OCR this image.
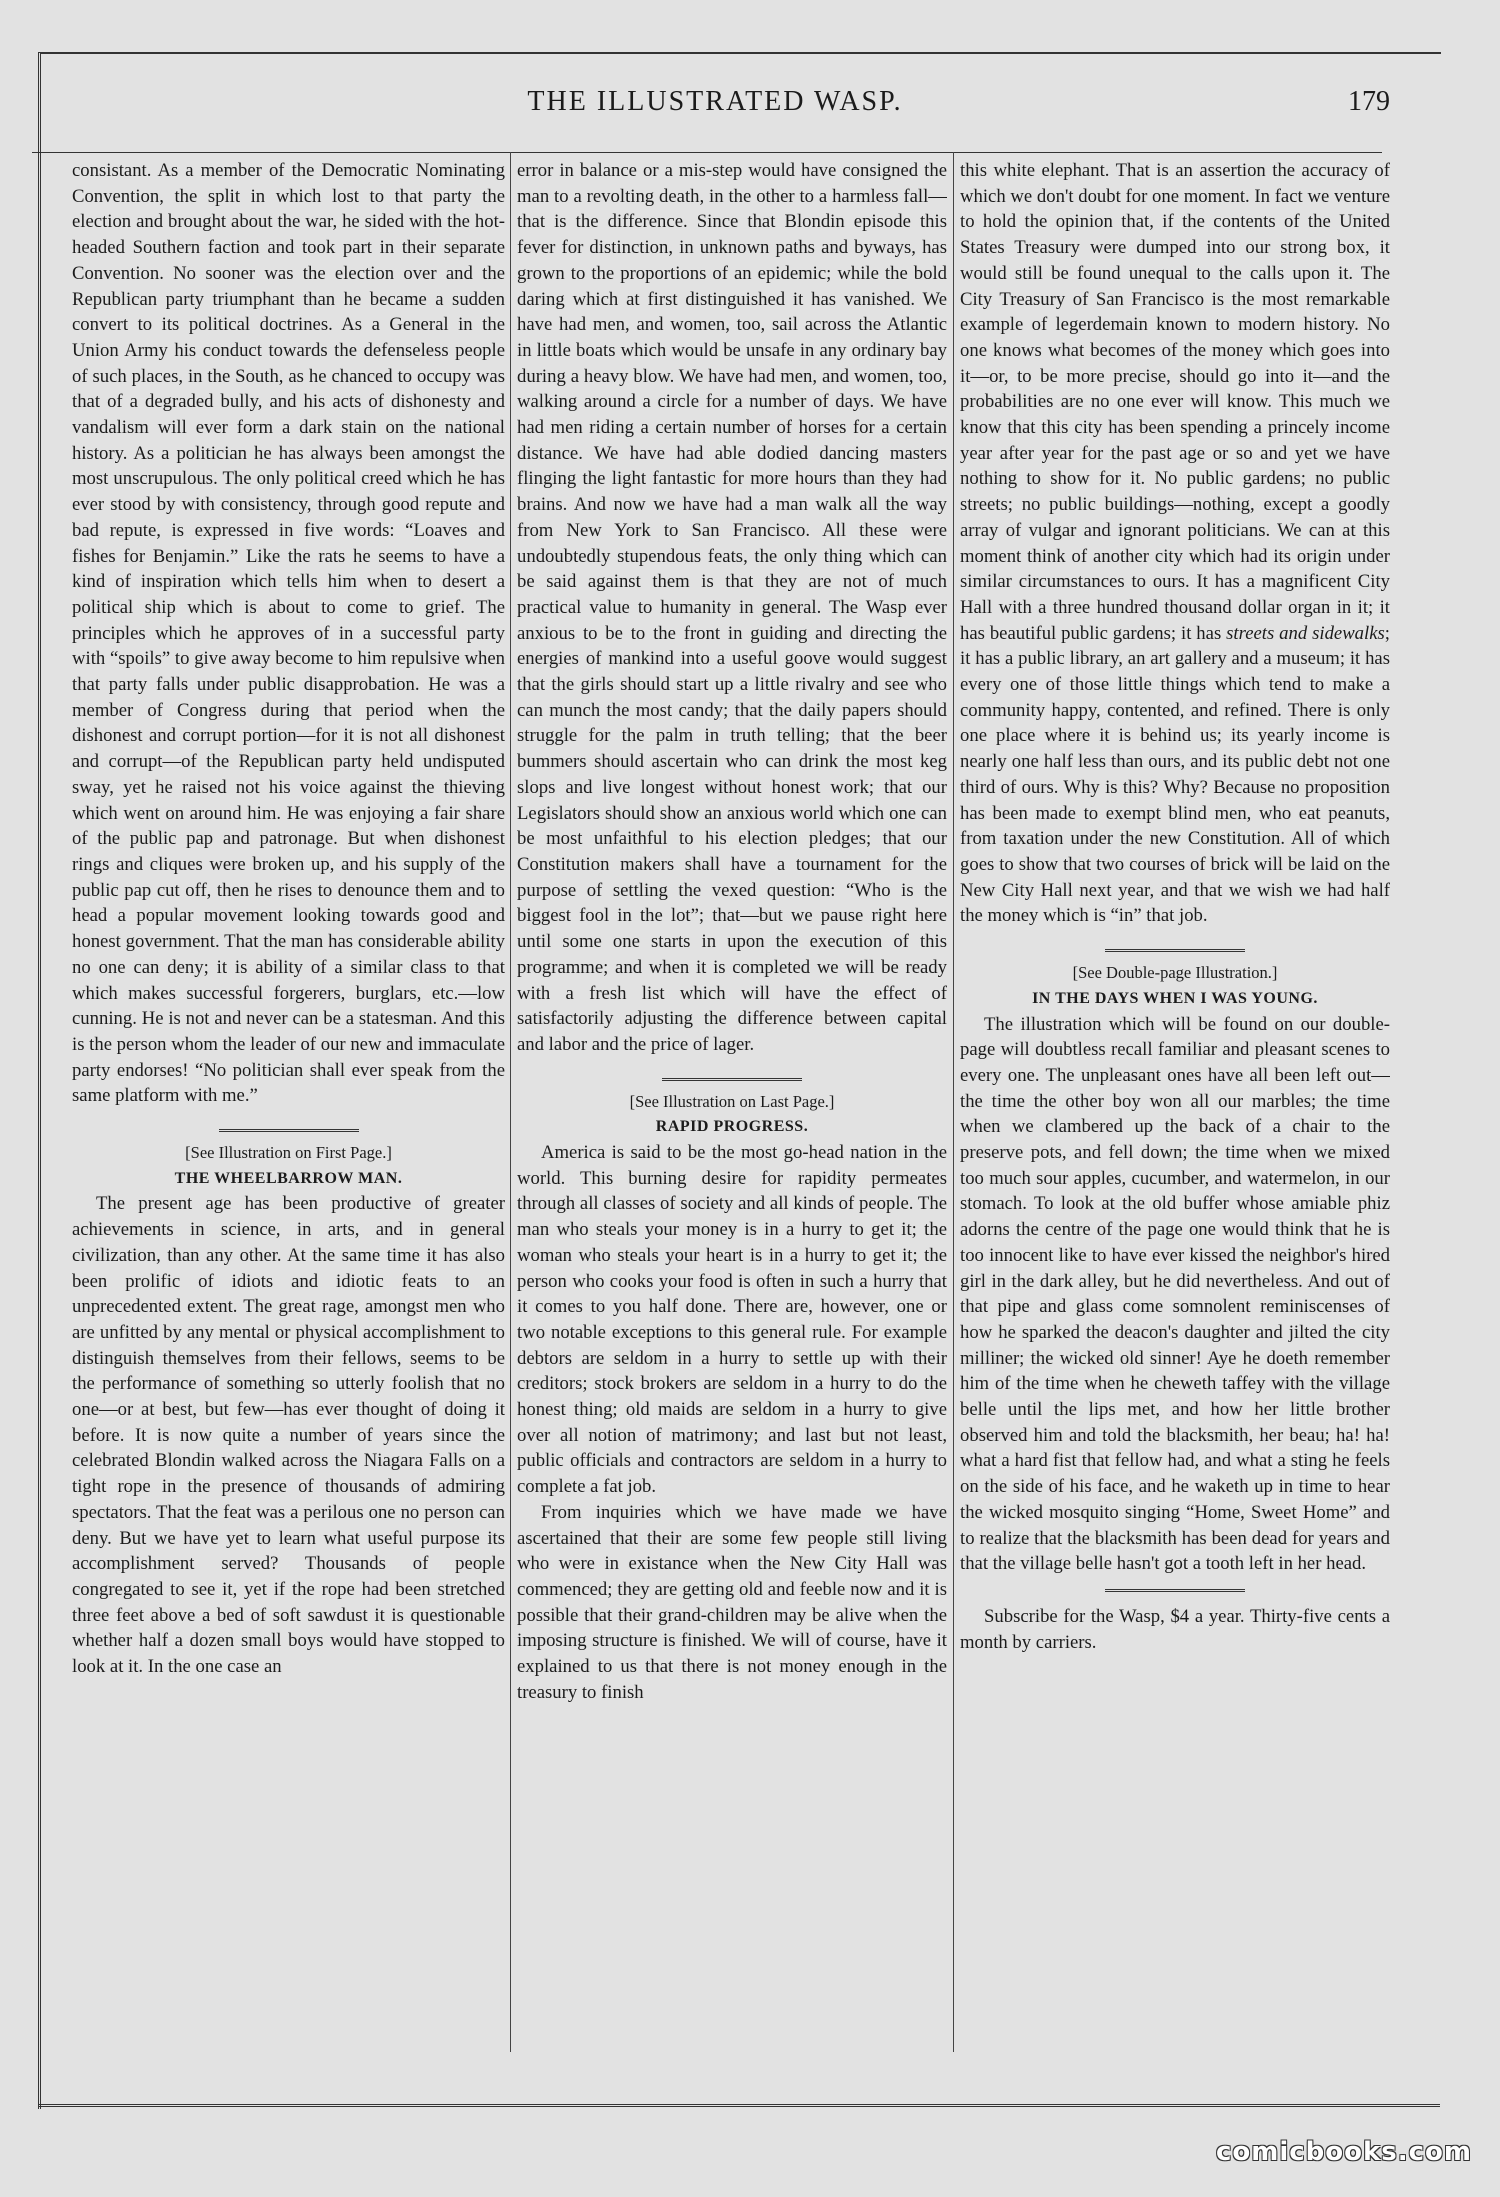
THE ILLUSTRATED WASP.	179

consistant. As a member of the Democratic Nominating Convention, the split in which lost to that party the election and brought about the war, he sided with the hot-headed Southern faction and took part in their separate Convention. No sooner was the election over and the Republican party triumphant than he became a sudden convert to its political doctrines. As a General in the Union Army his conduct towards the defenseless people of such places, in the South, as he chanced to occupy was that of a degraded bully, and his acts of dishonesty and vandalism will ever form a dark stain on the national history. As a politician he has always been amongst the most unscrupulous. The only political creed which he has ever stood by with consistency, through good repute and bad repute, is expressed in five words: “Loaves and fishes for Benjamin.” Like the rats he seems to have a kind of inspiration which tells him when to desert a political ship which is about to come to grief. The principles which he approves of in a successful party with “spoils” to give away become to him repulsive when that party falls under public disapprobation. He was a member of Congress during that period when the dishonest and corrupt portion—for it is not all dishonest and corrupt—of the Republican party held undisputed sway, yet he raised not his voice against the thieving which went on around him. He was enjoying a fair share of the public pap and patronage. But when dishonest rings and cliques were broken up, and his supply of the public pap cut off, then he rises to denounce them and to head a popular movement looking towards good and honest government. That the man has considerable ability no one can deny; it is ability of a similar class to that which makes successful forgerers, burglars, etc.—low cunning. He is not and never can be a statesman. And this is the person whom the leader of our new and immaculate party endorses! “No politician shall ever speak from the same platform with me.”

[See Illustration on First Page.]

THE WHEELBARROW MAN.

The present age has been productive of greater achievements in science, in arts, and in general civilization, than any other. At the same time it has also been prolific of idiots and idiotic feats to an unprecedented extent. The great rage, amongst men who are unfitted by any mental or physical accomplishment to distinguish themselves from their fellows, seems to be the performance of something so utterly foolish that no one—or at best, but few—has ever thought of doing it before. It is now quite a number of years since the celebrated Blondin walked across the Niagara Falls on a tight rope in the presence of thousands of admiring spectators. That the feat was a perilous one no person can deny. But we have yet to learn what useful purpose its accomplishment served? Thousands of people congregated to see it, yet if the rope had been stretched three feet above a bed of soft sawdust it is questionable whether half a dozen small boys would have stopped to look at it. In the one case an

error in balance or a mis-step would have consigned the man to a revolting death, in the other to a harmless fall—that is the difference. Since that Blondin episode this fever for distinction, in unknown paths and byways, has grown to the proportions of an epidemic; while the bold daring which at first distinguished it has vanished. We have had men, and women, too, sail across the Atlantic in little boats which would be unsafe in any ordinary bay during a heavy blow. We have had men, and women, too, walking around a circle for a number of days. We have had men riding a certain number of horses for a certain distance. We have had able dodied dancing masters flinging the light fantastic for more hours than they had brains. And now we have had a man walk all the way from New York to San Francisco. All these were undoubtedly stupendous feats, the only thing which can be said against them is that they are not of much practical value to humanity in general. The Wasp ever anxious to be to the front in guiding and directing the energies of mankind into a useful goove would suggest that the girls should start up a little rivalry and see who can munch the most candy; that the daily papers should struggle for the palm in truth telling; that the beer bummers should ascertain who can drink the most keg slops and live longest without honest work; that our Legislators should show an anxious world which one can be most unfaithful to his election pledges; that our Constitution makers shall have a tournament for the purpose of settling the vexed question: “Who is the biggest fool in the lot”; that—but we pause right here until some one starts in upon the execution of this programme; and when it is completed we will be ready with a fresh list which will have the effect of satisfactorily adjusting the difference between capital and labor and the price of lager.

[See Illustration on Last Page.]

RAPID PROGRESS.

America is said to be the most go-head nation in the world. This burning desire for rapidity permeates through all classes of society and all kinds of people. The man who steals your money is in a hurry to get it; the woman who steals your heart is in a hurry to get it; the person who cooks your food is often in such a hurry that it comes to you half done. There are, however, one or two notable exceptions to this general rule. For example debtors are seldom in a hurry to settle up with their creditors; stock brokers are seldom in a hurry to do the honest thing; old maids are seldom in a hurry to give over all notion of matrimony; and last but not least, public officials and contractors are seldom in a hurry to complete a fat job.

From inquiries which we have made we have ascertained that their are some few people still living who were in existance when the New City Hall was commenced; they are getting old and feeble now and it is possible that their grand-children may be alive when the imposing structure is finished. We will of course, have it explained to us that there is not money enough in the treasury to finish

this white elephant. That is an assertion the accuracy of which we don't doubt for one moment. In fact we venture to hold the opinion that, if the contents of the United States Treasury were dumped into our strong box, it would still be found unequal to the calls upon it. The City Treasury of San Francisco is the most remarkable example of legerdemain known to modern history. No one knows what becomes of the money which goes into it—or, to be more precise, should go into it—and the probabilities are no one ever will know. This much we know that this city has been spending a princely income year after year for the past age or so and yet we have nothing to show for it. No public gardens; no public streets; no public buildings—nothing, except a goodly array of vulgar and ignorant politicians. We can at this moment think of another city which had its origin under similar circumstances to ours. It has a magnificent City Hall with a three hundred thousand dollar organ in it; it has beautiful public gardens; it has streets and sidewalks; it has a public library, an art gallery and a museum; it has every one of those little things which tend to make a community happy, contented, and refined. There is only one place where it is behind us; its yearly income is nearly one half less than ours, and its public debt not one third of ours. Why is this? Why? Because no proposition has been made to exempt blind men, who eat peanuts, from taxation under the new Constitution. All of which goes to show that two courses of brick will be laid on the New City Hall next year, and that we wish we had half the money which is “in” that job.

[See Double-page Illustration.]

IN THE DAYS WHEN I WAS YOUNG.

The illustration which will be found on our double-page will doubtless recall familiar and pleasant scenes to every one. The unpleasant ones have all been left out—the time the other boy won all our marbles; the time when we clambered up the back of a chair to the preserve pots, and fell down; the time when we mixed too much sour apples, cucumber, and watermelon, in our stomach. To look at the old buffer whose amiable phiz adorns the centre of the page one would think that he is too innocent like to have ever kissed the neighbor's hired girl in the dark alley, but he did nevertheless. And out of that pipe and glass come somnolent reminiscenses of how he sparked the deacon's daughter and jilted the city milliner; the wicked old sinner! Aye he doeth remember him of the time when he cheweth taffey with the village belle until the lips met, and how her little brother observed him and told the blacksmith, her beau; ha! ha! what a hard fist that fellow had, and what a sting he feels on the side of his face, and he waketh up in time to hear the wicked mosquito singing “Home, Sweet Home” and to realize that the blacksmith has been dead for years and that the village belle hasn't got a tooth left in her head.

Subscribe for the Wasp, $4 a year. Thirty-five cents a month by carriers.

comicbooks.com
